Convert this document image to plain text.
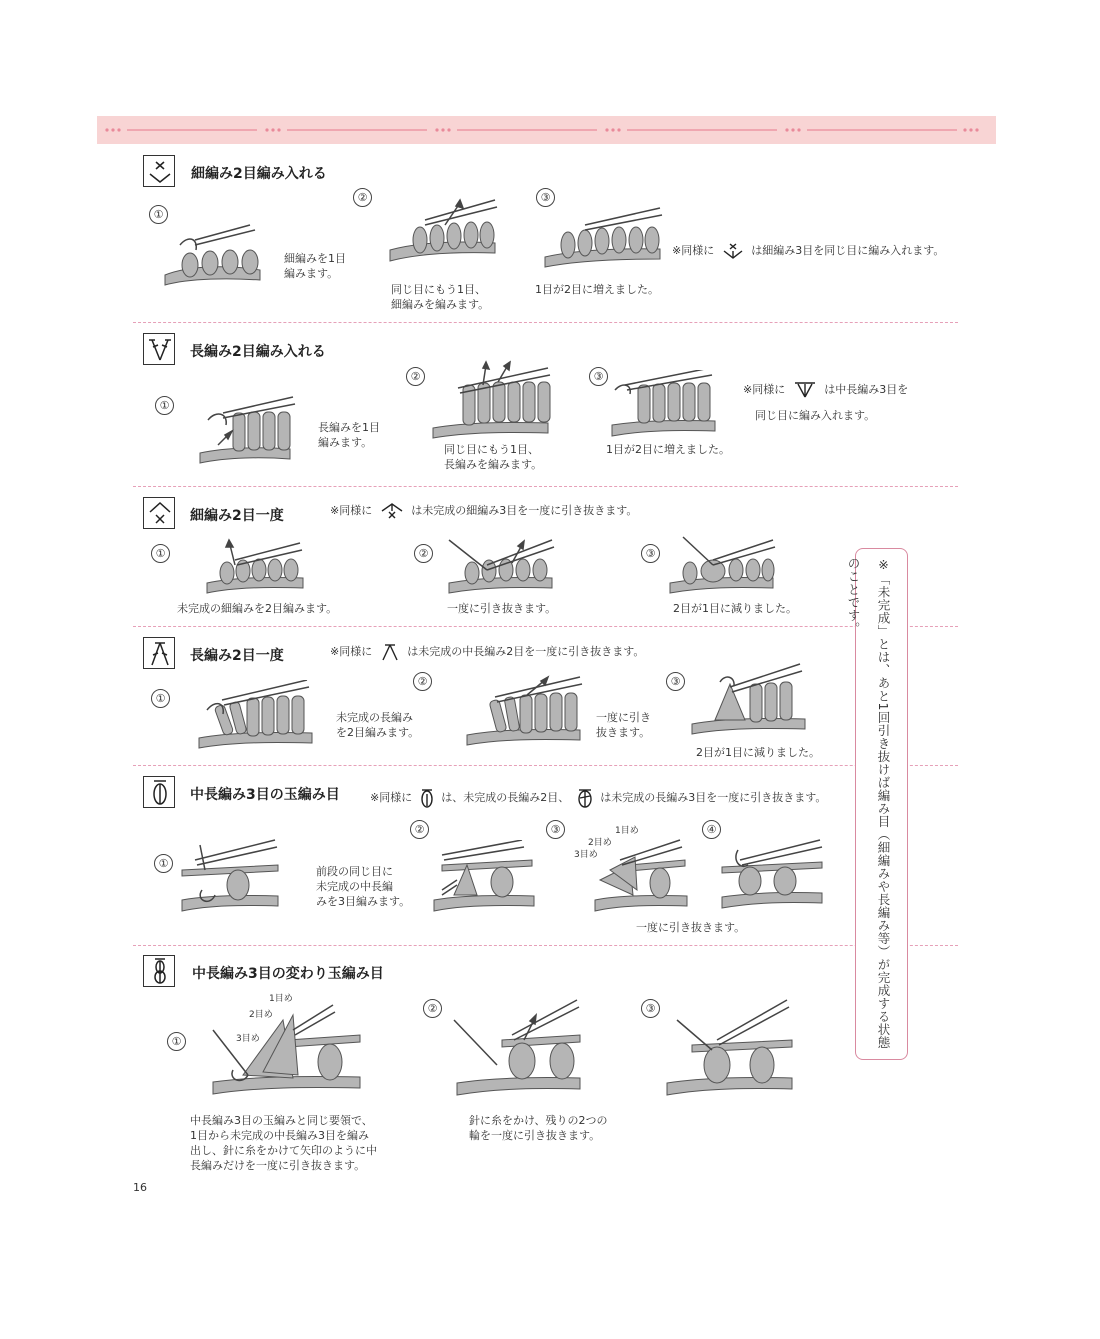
細編み2目編み入れる
①
細編みを1目
編みます。
②
同じ目にもう1目、
細編みを編みます。
③
1目が2目に増えました。
※同様に	は細編み3目を同じ目に編み入れます。
長編み2目編み入れる
①
長編みを1目
編みます。
②
同じ目にもう1目、
長編みを編みます。
③
1目が2目に増えました。
※同様に	は中長編み3目を
同じ目に編み入れます。
細編み2目一度	※同様に	は未完成の細編み3目を一度に引き抜きます。
①
未完成の細編みを2目編みます。
②
一度に引き抜きます。
③
2目が1目に減りました。
長編み2目一度	※同様に	は未完成の中長編み2目を一度に引き抜きます。
①
未完成の長編み
を2目編みます。
②
一度に引き
抜きます。
③
2目が1目に減りました。
中長編み3目の玉編み目	※同様に	は、未完成の長編み2目、	は未完成の長編み3目を一度に引き抜きます。
①
前段の同じ目に
未完成の中長編
みを3目編みます。
②	③	1目め
2目め
3目め
④
一度に引き抜きます。
中長編み3目の変わり玉編み目
①
1目め
2目め
3目め
中長編み3目の玉編みと同じ要領で、
1目から未完成の中長編み3目を編み
出し、針に糸をかけて矢印のように中
長編みだけを一度に引き抜きます。
②
針に糸をかけ、残りの2つの
輪を一度に引き抜きます。
③	※「未完成」とは、あと1回引き抜けば編み目（細編みや長編み等）が完成する状態のことです。
16
